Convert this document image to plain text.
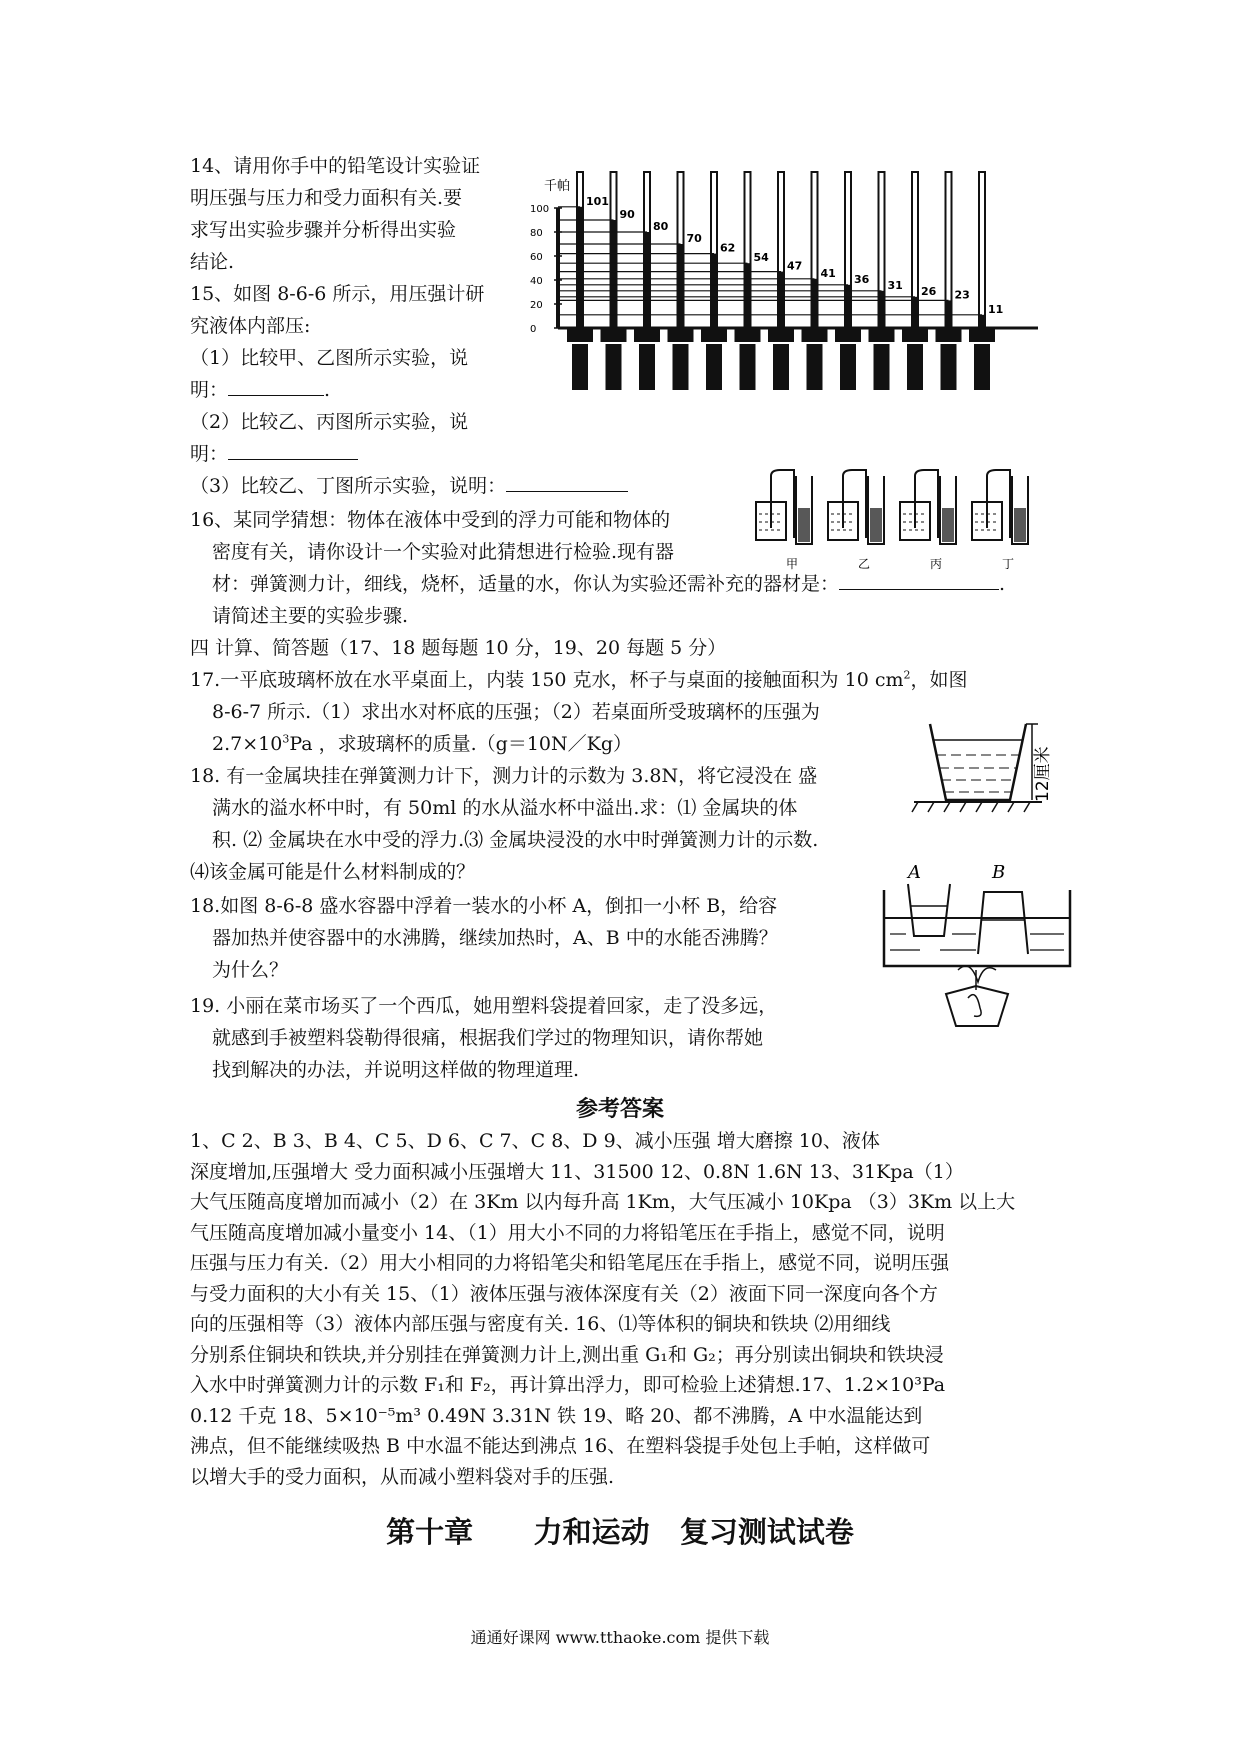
14、请用你手中的铅笔设计实验证
明压强与压力和受力面积有关.要
求写出实验步骤并分析得出实验
结论.
15、如图 8-6-6 所示，用压强计研
究液体内部压:
（1）比较甲、乙图所示实验，说
明：	.
（2）比较乙、丙图所示实验，说
明：
（3）比较乙、丁图所示实验，说明：
16、某同学猜想：物体在液体中受到的浮力可能和物体的
密度有关，请你设计一个实验对此猜想进行检验.现有器
材：弹簧测力计，细线，烧杯，适量的水，你认为实验还需补充的器材是：	.
请简述主要的实验步骤.
四 计算、简答题（17、18 题每题 10 分，19、20 每题 5 分）
17.一平底玻璃杯放在水平桌面上，内装 150 克水，杯子与桌面的接触面积为 10 $cm^2$，如图
8-6-7 所示.（1）求出水对杯底的压强；（2）若桌面所受玻璃杯的压强为
$2.7\times 10^3Pa$ ，求玻璃杯的质量.（g＝10N／Kg）
18. 有一金属块挂在弹簧测力计下，测力计的示数为 3.8N，将它浸没在 盛
满水的溢水杯中时，有 50ml 的水从溢水杯中溢出.求：⑴ 金属块的体
积. ⑵ 金属块在水中受的浮力.⑶ 金属块浸没的水中时弹簧测力计的示数.
⑷该金属可能是什么材料制成的？
18.如图 8-6-8 盛水容器中浮着一装水的小杯 A，倒扣一小杯 B，给容
器加热并使容器中的水沸腾，继续加热时，A、B 中的水能否沸腾？
为什么？
19. 小丽在菜市场买了一个西瓜，她用塑料袋提着回家，走了没多远，
就感到手被塑料袋勒得很痛，根据我们学过的物理知识，请你帮她
找到解决的办法，并说明这样做的物理道理.
参考答案

1、C 2、B 3、B 4、C 5、D 6、C 7、C 8、D 9、减小压强 增大磨擦 10、液体

深度增加,压强增大 受力面积减小压强增大 11、31500 12、0.8N 1.6N 13、31Kpa（1）

大气压随高度增加而减小（2）在 3Km 以内每升高 1Km，大气压减小 10Kpa （3）3Km 以上大

气压随高度增加减小量变小 14、（1）用大小不同的力将铅笔压在手指上，感觉不同，说明

压强与压力有关.（2）用大小相同的力将铅笔尖和铅笔尾压在手指上，感觉不同，说明压强

与受力面积的大小有关 15、（1）液体压强与液体深度有关（2）液面下同一深度向各个方

向的压强相等（3）液体内部压强与密度有关. 16、⑴等体积的铜块和铁块 ⑵用细线

分别系住铜块和铁块,并分别挂在弹簧测力计上,测出重 G₁和 G₂；再分别读出铜块和铁块浸

入水中时弹簧测力计的示数 F₁和 F₂，再计算出浮力，即可检验上述猜想.17、1.2×10³Pa

0.12 千克 18、5×10⁻⁵m³ 0.49N 3.31N 铁 19、略 20、都不沸腾，A 中水温能达到

沸点，但不能继续吸热 B 中水温不能达到沸点 16、在塑料袋提手处包上手帕，这样做可

以增大手的受力面积，从而减小塑料袋对手的压强.

第十章      力和运动   复习测试试卷
通通好课网 www.tthaoke.com 提供下载
千帕
100
80
60
40
20
0
101
90
80
70
62
54
47
41 36 31 26 23
11
甲	乙	丙	丁
12厘米
A	B
